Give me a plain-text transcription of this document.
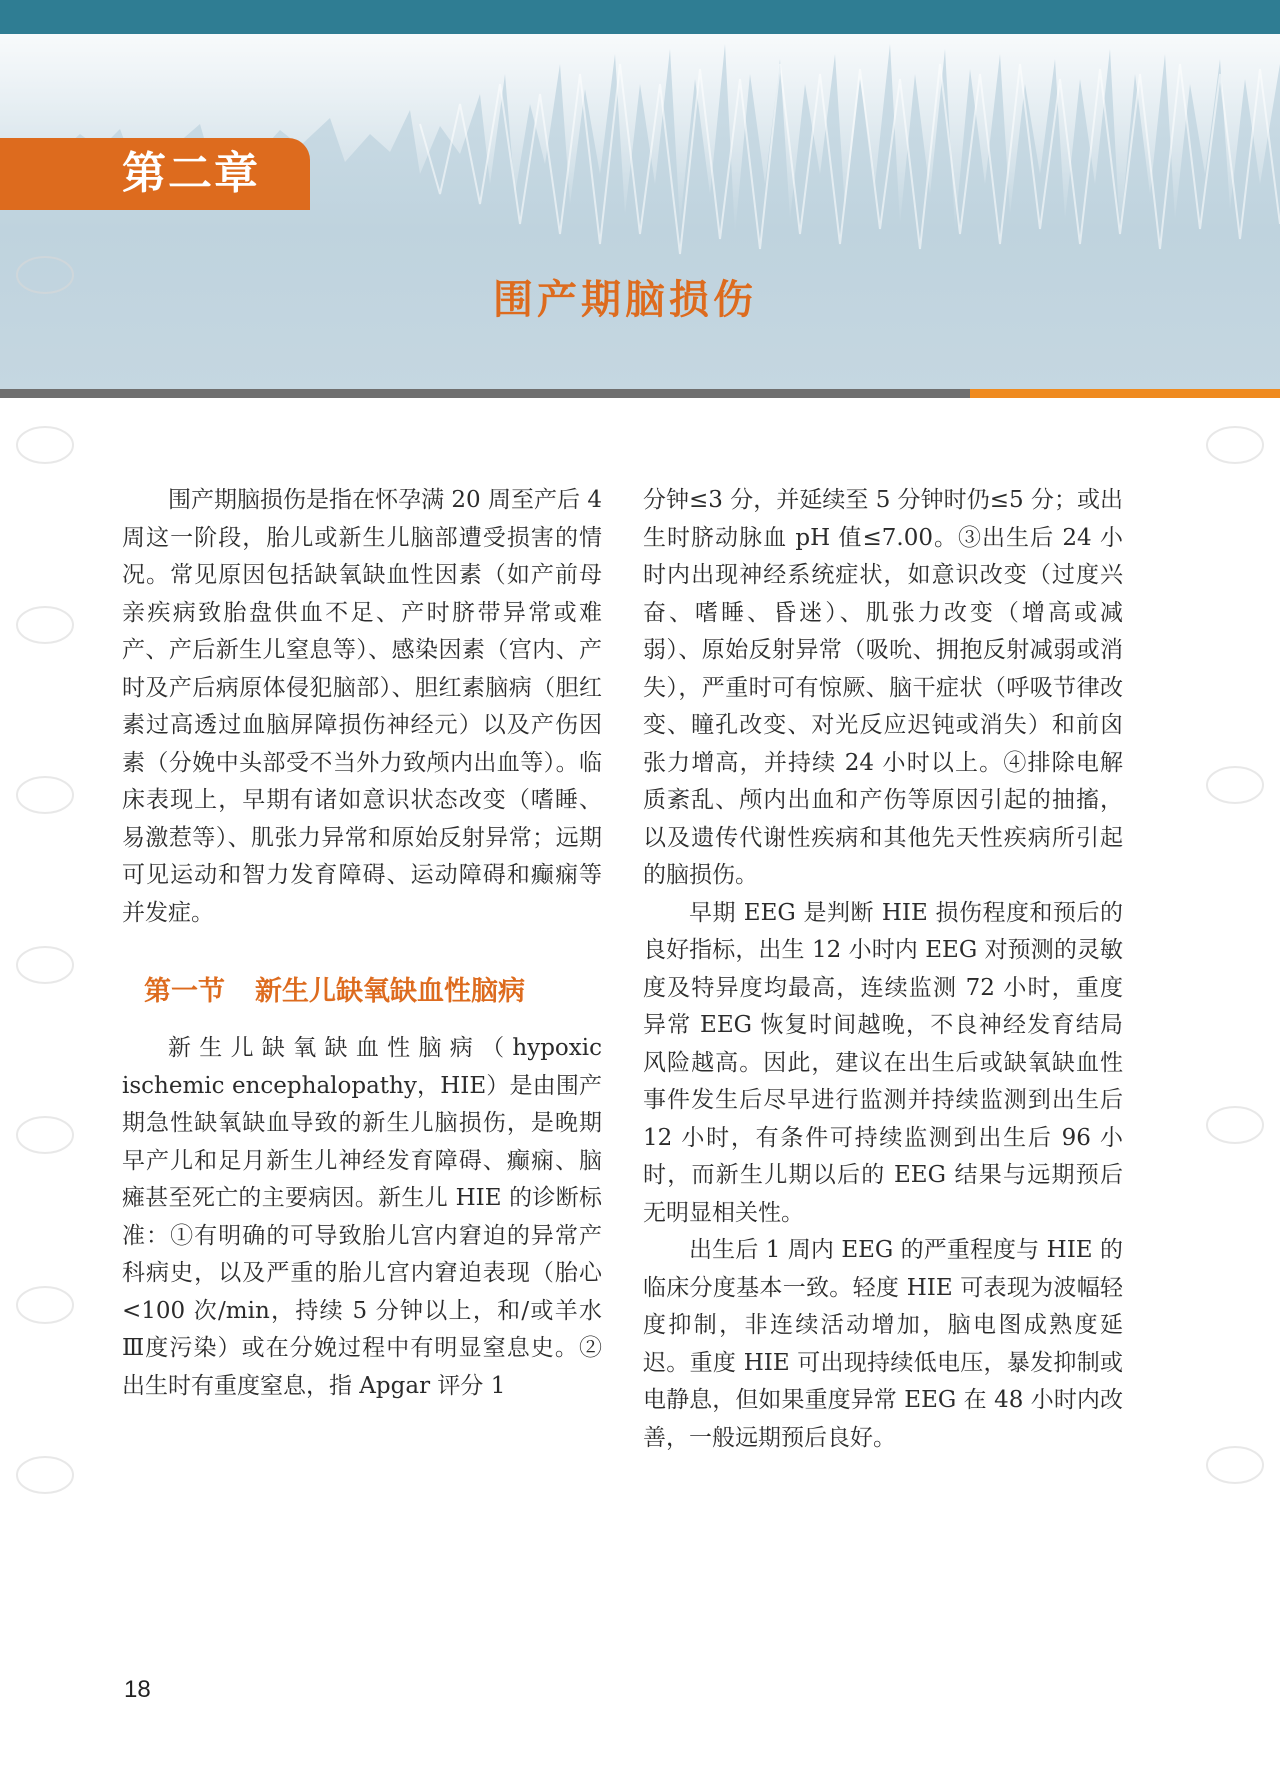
第二章
围产期脑损伤

围产期脑损伤是指在怀孕满 20 周至产后 4 周这一阶段，胎儿或新生儿脑部遭受损害的情况。常见原因包括缺氧缺血性因素（如产前母亲疾病致胎盘供血不足、产时脐带异常或难产、产后新生儿窒息等）、感染因素（宫内、产时及产后病原体侵犯脑部）、胆红素脑病（胆红素过高透过血脑屏障损伤神经元）以及产伤因素（分娩中头部受不当外力致颅内出血等）。临床表现上，早期有诸如意识状态改变（嗜睡、易激惹等）、肌张力异常和原始反射异常；远期可见运动和智力发育障碍、运动障碍和癫痫等并发症。

第一节 新生儿缺氧缺血性脑病

新生儿缺氧缺血性脑病（hypoxic ischemic encephalopathy，HIE）是由围产期急性缺氧缺血导致的新生儿脑损伤，是晚期早产儿和足月新生儿神经发育障碍、癫痫、脑瘫甚至死亡的主要病因。新生儿 HIE 的诊断标准：①有明确的可导致胎儿宫内窘迫的异常产科病史，以及严重的胎儿宫内窘迫表现（胎心<100 次/min，持续 5 分钟以上，和/或羊水Ⅲ度污染）或在分娩过程中有明显窒息史。②出生时有重度窒息，指 Apgar 评分 1

分钟≤3 分，并延续至 5 分钟时仍≤5 分；或出生时脐动脉血 pH 值≤7.00。③出生后 24 小时内出现神经系统症状，如意识改变（过度兴奋、嗜睡、昏迷）、肌张力改变（增高或减弱）、原始反射异常（吸吮、拥抱反射减弱或消失），严重时可有惊厥、脑干症状（呼吸节律改变、瞳孔改变、对光反应迟钝或消失）和前囟张力增高，并持续 24 小时以上。④排除电解质紊乱、颅内出血和产伤等原因引起的抽搐，以及遗传代谢性疾病和其他先天性疾病所引起的脑损伤。

早期 EEG 是判断 HIE 损伤程度和预后的良好指标，出生 12 小时内 EEG 对预测的灵敏度及特异度均最高，连续监测 72 小时，重度异常 EEG 恢复时间越晚，不良神经发育结局风险越高。因此，建议在出生后或缺氧缺血性事件发生后尽早进行监测并持续监测到出生后 12 小时，有条件可持续监测到出生后 96 小时，而新生儿期以后的 EEG 结果与远期预后无明显相关性。

出生后 1 周内 EEG 的严重程度与 HIE 的临床分度基本一致。轻度 HIE 可表现为波幅轻度抑制，非连续活动增加，脑电图成熟度延迟。重度 HIE 可出现持续低电压，暴发抑制或电静息，但如果重度异常 EEG 在 48 小时内改善，一般远期预后良好。

18
